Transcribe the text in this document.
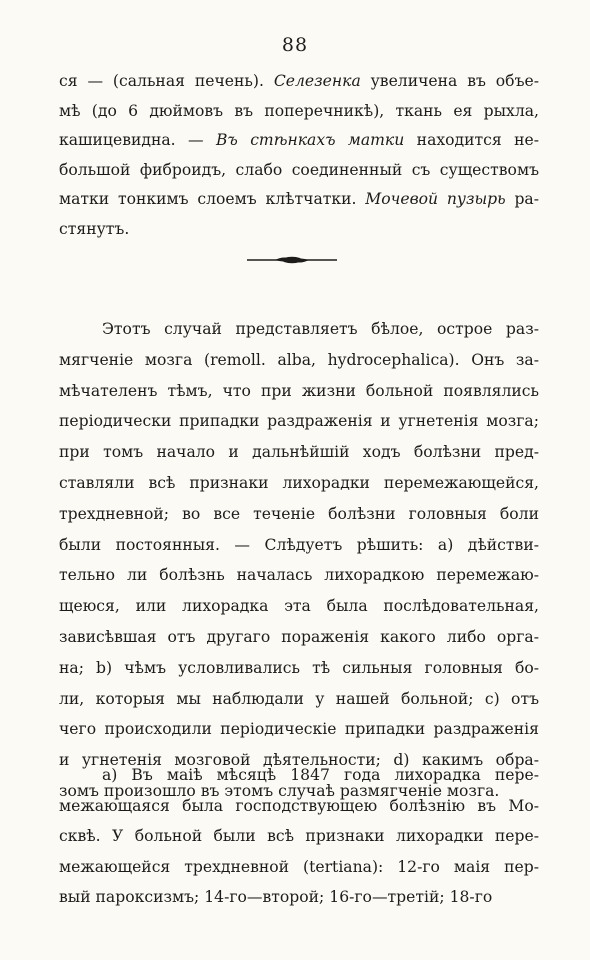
88
ся — (сальная печень). Селезенка увеличена въ объе-
мѣ (до 6 дюймовъ въ поперечникѣ), ткань ея рыхла,
кашицевидна. — Въ стѣнкахъ матки находится не-
большой фиброидъ, слабо соединенный съ существомъ
матки тонкимъ слоемъ клѣтчатки. Мочевой пузырь ра-
стянутъ.
Этотъ случай представляетъ бѣлое, острое раз-
мягченіе мозга (remoll. alba, hydrocephalica). Онъ за-
мѣчателенъ тѣмъ, что при жизни больной появлялись
періодически припадки раздраженія и угнетенія мозга;
при томъ начало и дальнѣйшій ходъ болѣзни пред-
ставляли всѣ признаки лихорадки перемежающейся,
трехдневной; во все теченіе болѣзни головныя боли
были постоянныя. — Слѣдуетъ рѣшить: а) дѣйстви-
тельно ли болѣзнь началась лихорадкою перемежаю-
щеюся, или лихорадка эта была послѣдовательная,
зависѣвшая отъ другаго пораженія какого либо орга-
на; b) чѣмъ условливались тѣ сильныя головныя бо-
ли, которыя мы наблюдали у нашей больной; c) отъ
чего происходили періодическіе припадки раздраженія
и угнетенія мозговой дѣятельности; d) какимъ обра-
зомъ произошло въ этомъ случаѣ размягченіе мозга.
а) Въ маіѣ мѣсяцѣ 1847 года лихорадка пере-
межающаяся была господствующею болѣзнію въ Мо-
сквѣ. У больной были всѣ признаки лихорадки пере-
межающейся трехдневной (tertiana): 12-го маія пер-
вый пароксизмъ; 14-го—второй; 16-го—третій; 18-го
